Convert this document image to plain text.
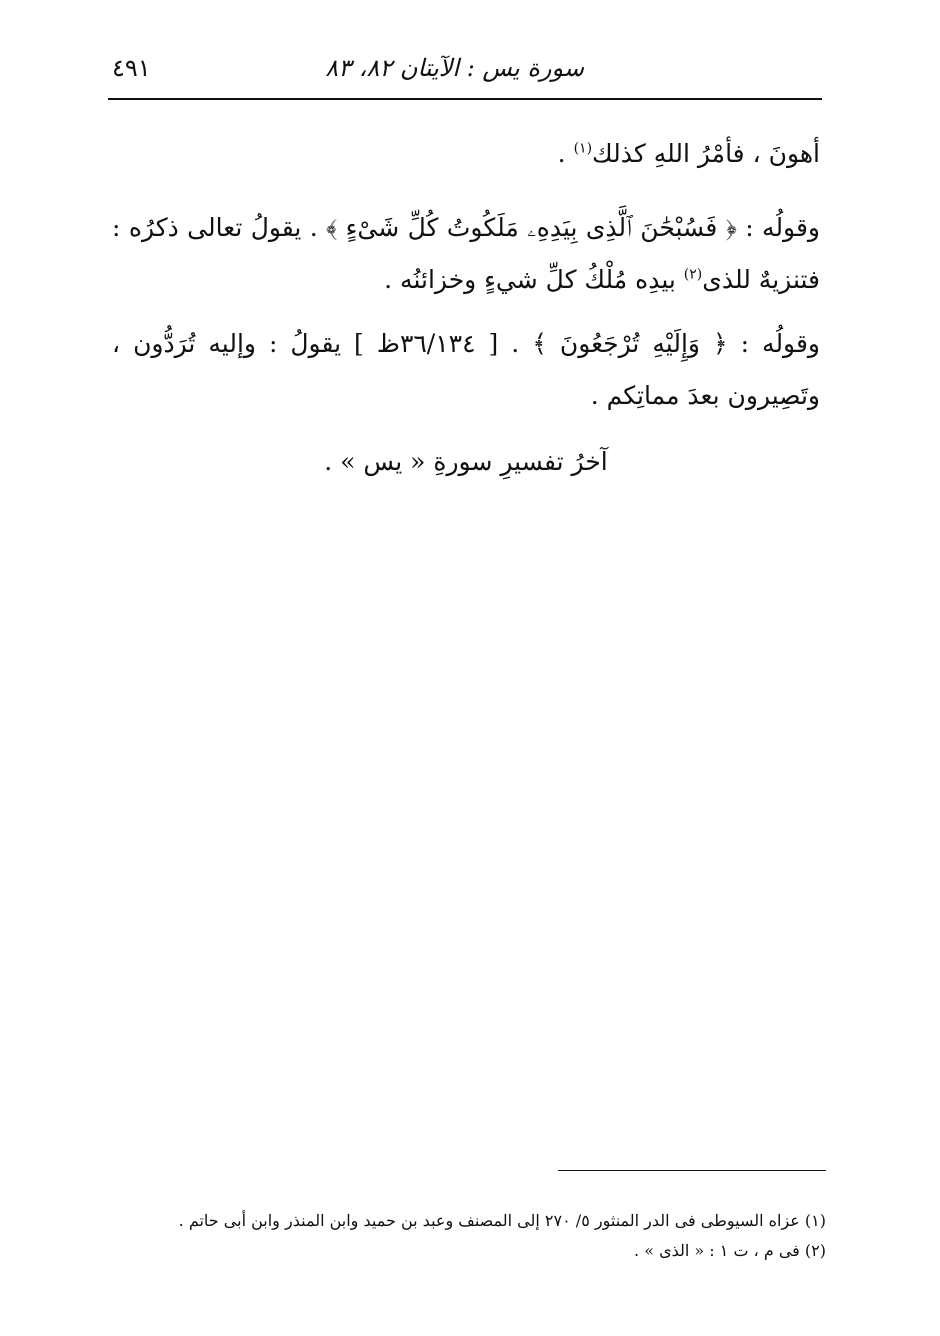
سورة يس : الآيتان ٨٢، ٨٣
٤٩١

أهونَ ، فأمْرُ اللهِ كذلك$^{(١)}$ .

وقولُه : ﴿ فَسُبْحَٰنَ ٱلَّذِى بِيَدِهِۦ مَلَكُوتُ كُلِّ شَىْءٍ ﴾ . يقولُ تعالى ذكرُه : فتنزيهٌ للذى$^{(٢)}$ بيدِه مُلْكُ كلِّ شيءٍ وخزائنُه .

وقولُه : ﴿ وَإِلَيْهِ تُرْجَعُونَ ﴾ . [ ٣٦/١٣٤ظ ] يقولُ : وإليه تُرَدُّون ، وتَصِيرون بعدَ مماتِكم .

آخرُ تفسيرِ سورةِ « يس » .
(١) عزاه السيوطى فى الدر المنثور ٥/ ٢٧٠ إلى المصنف وعبد بن حميد وابن المنذر وابن أبى حاتم .
(٢) فى م ، ت ١ : « الذى » .
